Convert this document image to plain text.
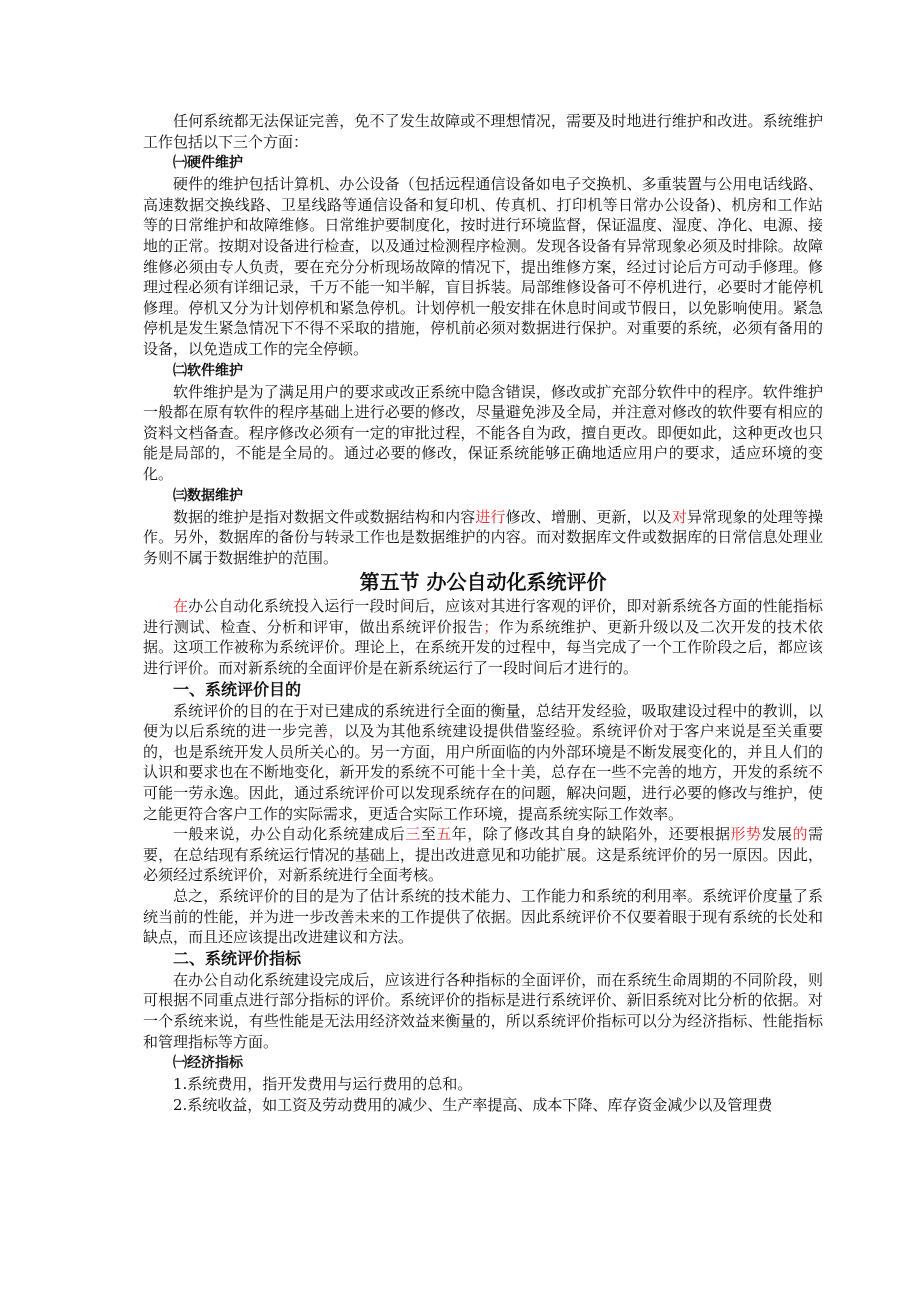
任何系统都无法保证完善，免不了发生故障或不理想情况，需要及时地进行维护和改进。系统维护工作包括以下三个方面：

㈠硬件维护

硬件的维护包括计算机、办公设备（包括远程通信设备如电子交换机、多重装置与公用电话线路、高速数据交换线路、卫星线路等通信设备和复印机、传真机、打印机等日常办公设备)、机房和工作站等的日常维护和故障维修。日常维护要制度化，按时进行环境监督，保证温度、湿度、净化、电源、接地的正常。按期对设备进行检查，以及通过检测程序检测。发现各设备有异常现象必须及时排除。故障维修必须由专人负责，要在充分分析现场故障的情况下，提出维修方案，经过讨论后方可动手修理。修理过程必须有详细记录，千万不能一知半解，盲目拆装。局部维修设备可不停机进行，必要时才能停机修理。停机又分为计划停机和紧急停机。计划停机一般安排在休息时间或节假日，以免影响使用。紧急停机是发生紧急情况下不得不采取的措施，停机前必须对数据进行保护。对重要的系统，必须有备用的设备，以免造成工作的完全停顿。

㈡软件维护

软件维护是为了满足用户的要求或改正系统中隐含错误，修改或扩充部分软件中的程序。软件维护一般都在原有软件的程序基础上进行必要的修改，尽量避免涉及全局，并注意对修改的软件要有相应的资料文档备查。程序修改必须有一定的审批过程，不能各自为政，擅自更改。即便如此，这种更改也只能是局部的，不能是全局的。通过必要的修改，保证系统能够正确地适应用户的要求，适应环境的变化。

㈢数据维护

数据的维护是指对数据文件或数据结构和内容进行修改、增删、更新，以及对异常现象的处理等操作。另外，数据库的备份与转录工作也是数据维护的内容。而对数据库文件或数据库的日常信息处理业务则不属于数据维护的范围。

第五节 办公自动化系统评价

在办公自动化系统投入运行一段时间后，应该对其进行客观的评价，即对新系统各方面的性能指标进行测试、检查、分析和评审，做出系统评价报告；作为系统维护、更新升级以及二次开发的技术依据。这项工作被称为系统评价。理论上，在系统开发的过程中，每当完成了一个工作阶段之后，都应该进行评价。而对新系统的全面评价是在新系统运行了一段时间后才进行的。

一、系统评价目的

系统评价的目的在于对已建成的系统进行全面的衡量，总结开发经验，吸取建设过程中的教训，以便为以后系统的进一步完善，以及为其他系统建设提供借鉴经验。系统评价对于客户来说是至关重要的，也是系统开发人员所关心的。另一方面，用户所面临的内外部环境是不断发展变化的，并且人们的认识和要求也在不断地变化，新开发的系统不可能十全十美，总存在一些不完善的地方，开发的系统不可能一劳永逸。因此，通过系统评价可以发现系统存在的问题，解决问题，进行必要的修改与维护，使之能更符合客户工作的实际需求，更适合实际工作环境，提高系统实际工作效率。

一般来说，办公自动化系统建成后三至五年，除了修改其自身的缺陷外，还要根据形势发展的需要，在总结现有系统运行情况的基础上，提出改进意见和功能扩展。这是系统评价的另一原因。因此，必须经过系统评价，对新系统进行全面考核。

总之，系统评价的目的是为了估计系统的技术能力、工作能力和系统的利用率。系统评价度量了系统当前的性能，并为进一步改善未来的工作提供了依据。因此系统评价不仅要着眼于现有系统的长处和缺点，而且还应该提出改进建议和方法。

二、系统评价指标

在办公自动化系统建设完成后，应该进行各种指标的全面评价，而在系统生命周期的不同阶段，则可根据不同重点进行部分指标的评价。系统评价的指标是进行系统评价、新旧系统对比分析的依据。对一个系统来说，有些性能是无法用经济效益来衡量的，所以系统评价指标可以分为经济指标、性能指标和管理指标等方面。

㈠经济指标

1.系统费用，指开发费用与运行费用的总和。

2.系统收益，如工资及劳动费用的减少、生产率提高、成本下降、库存资金减少以及管理费
